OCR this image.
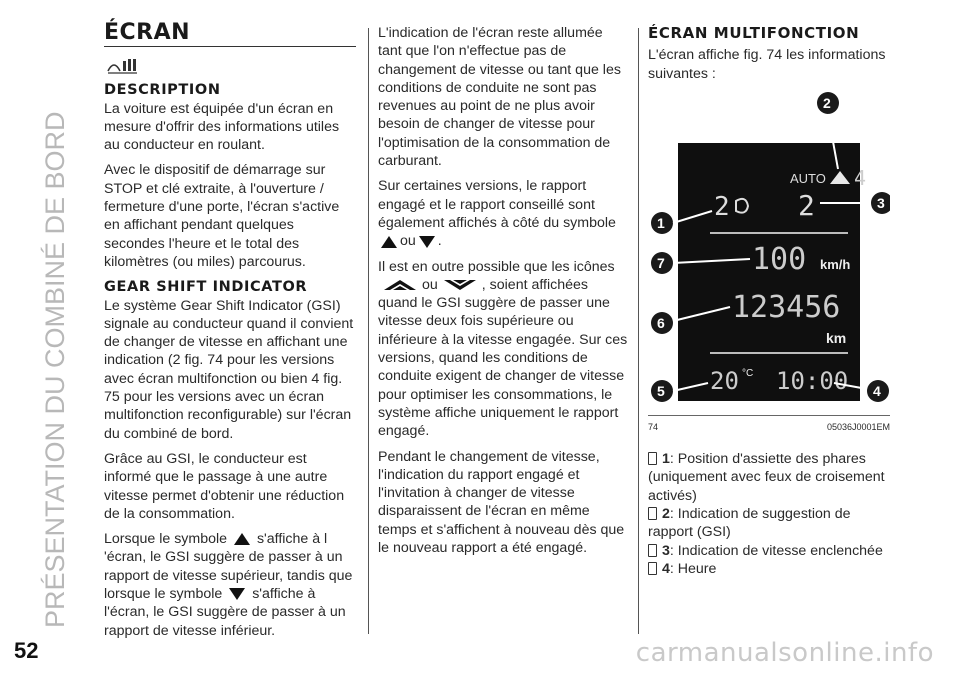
PRÉSENTATION DU COMBINÉ DE BORD
52
ÉCRAN
DESCRIPTION

La voiture est équipée d'un écran en mesure d'offrir des informations utiles au conducteur en roulant.

Avec le dispositif de démarrage sur STOP et clé extraite, à l'ouverture / fermeture d'une porte, l'écran s'active en affichant pendant quelques secondes l'heure et le total des kilomètres (ou miles) parcourus.

GEAR SHIFT INDICATOR

Le système Gear Shift Indicator (GSI) signale au conducteur quand il convient de changer de vitesse en affichant une indication (2 fig. 74 pour les versions avec écran multifonction ou bien 4 fig. 75 pour les versions avec un écran multifonction reconfigurable) sur l'écran du combiné de bord.

Grâce au GSI, le conducteur est informé que le passage à une autre vitesse permet d'obtenir une réduction de la consommation.

Lorsque le symbole s'affiche à l 'écran, le GSI suggère de passer à un rapport de vitesse supérieur, tandis que lorsque le symbole s'affiche à l'écran, le GSI suggère de passer à un rapport de vitesse inférieur.

L'indication de l'écran reste allumée tant que l'on n'effectue pas de changement de vitesse ou tant que les conditions de conduite ne sont pas revenues au point de ne plus avoir besoin de changer de vitesse pour l'optimisation de la consommation de carburant.

Sur certaines versions, le rapport engagé et le rapport conseillé sont également affichés à côté du symbole ou .

Il est en outre possible que les icônes ou	, soient affichées quand le GSI suggère de passer une vitesse deux fois supérieure ou inférieure à la vitesse engagée. Sur ces versions, quand les conditions de conduite exigent de changer de vitesse pour optimiser les consommations, le système affiche uniquement le rapport engagé.

Pendant le changement de vitesse, l'indication du rapport engagé et l'invitation à changer de vitesse disparaissent de l'écran en même temps et s'affichent à nouveau dès que le nouveau rapport a été engagé.

ÉCRAN MULTIFONCTION

L'écran affiche fig. 74 les informations suivantes :

AUTO 4
2
2
100 km/h
123456
km
20 °C 10:00
2
3
1
7
6
5	4
74	05036J0001EM
1: Position d'assiette des phares (uniquement avec feux de croisement activés)
2: Indication de suggestion de rapport (GSI)
3: Indication de vitesse enclenchée
4: Heure
carmanualsonline.info
